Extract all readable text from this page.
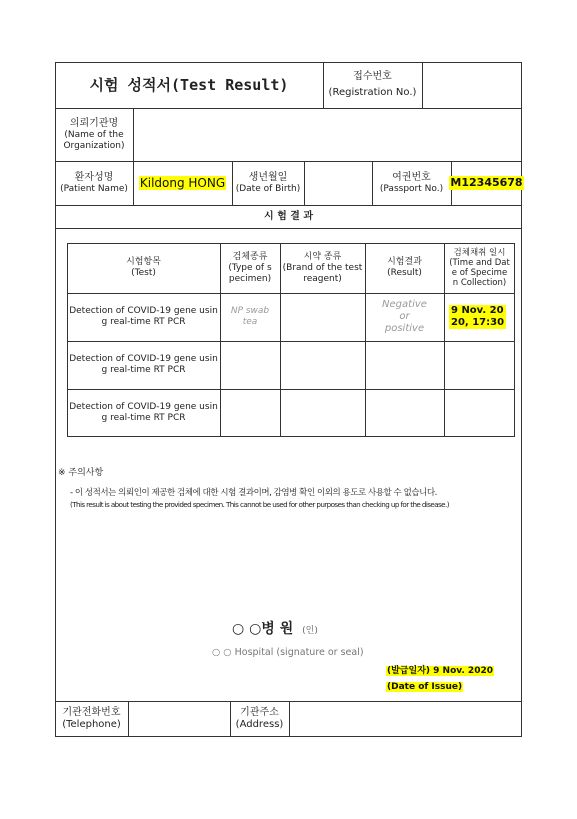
시험 성적서(Test Result)	접수번호
(Registration No.)
의뢰기관명
(Name of the
Organization)
환자성명
(Patient Name) Kildong HONG 생년월일
(Date of Birth)
여권번호
(Passport No.) M12345678
시 험 결 과
시험항목
(Test)
검체종류
(Type of s
pecimen)
시약 종류
(Brand of the test
reagent)
시험결과
(Result)
검체채취 일시
(Time and Dat
e of Specime
n Collection)
Detection of COVID-19 gene usin
g real-time RT PCR
NP swab
tea
Negative
or
positive
9 Nov. 20
20, 17:30
Detection of COVID-19 gene usin
g real-time RT PCR
Detection of COVID-19 gene usin
g real-time RT PCR
※ 주의사항
- 이 성적서는 의뢰인이 제공한 검체에 대한 시험 결과이며, 감염병 확인 이외의 용도로 사용할 수 없습니다.
(This result is about testing the provided specimen. This cannot be used for other purposes than checking up for the disease.)
○ ○병 원 (인)
○ ○ Hospital (signature or seal)
(발급일자) 9 Nov. 2020
(Date of Issue)
기관전화번호
(Telephone)
기관주소
(Address)
